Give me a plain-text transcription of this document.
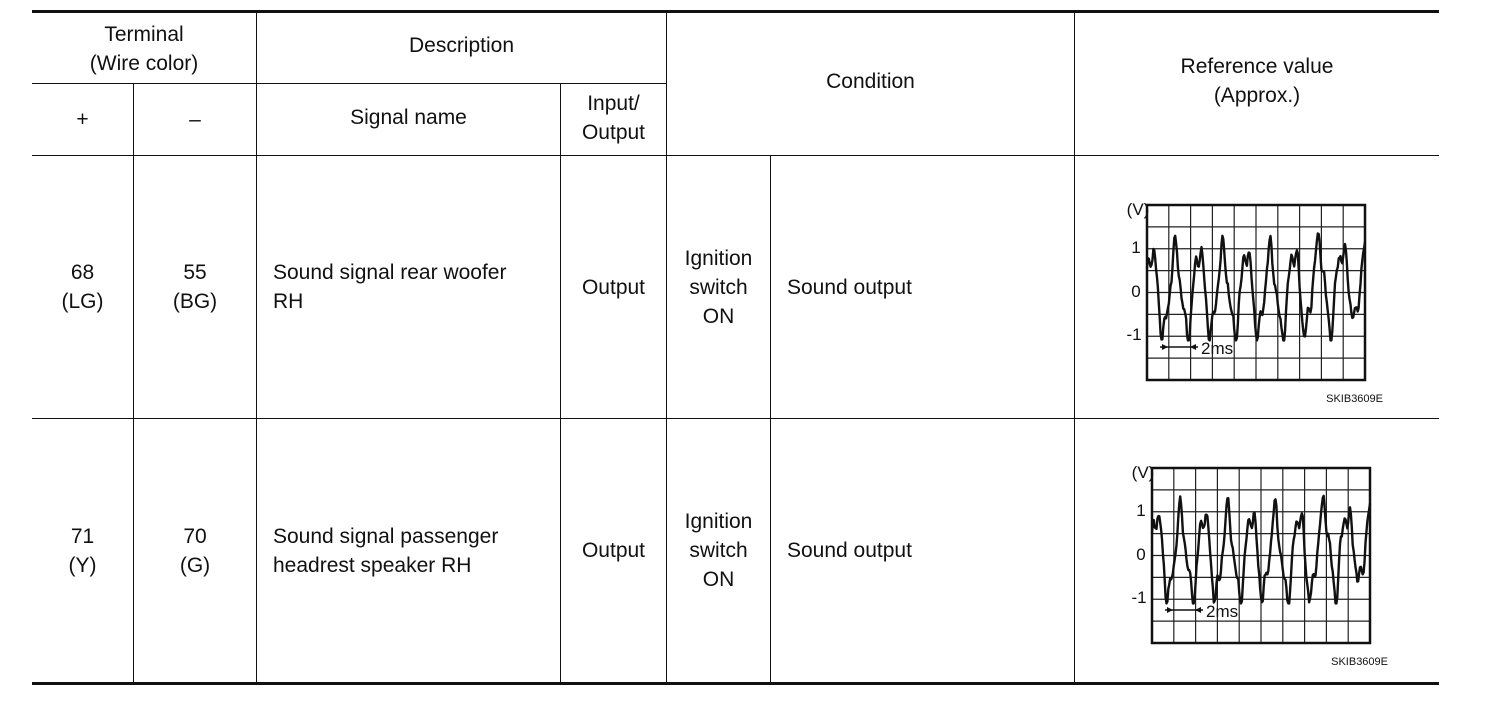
Terminal
(Wire color)
Description
+	–	Signal name
Input/
Output
Condition
Reference value
(Approx.)
68
(LG)
55
(BG)
Sound signal rear woofer
RH
Output
Ignition
switch
ON
Sound output
(V)
1
0
-1
2ms
SKIB3609E
71
(Y)
70
(G)
Sound signal passenger
headrest speaker RH
Output
Ignition
switch
ON
Sound output
(V)
1
0
-1
2ms
SKIB3609E
